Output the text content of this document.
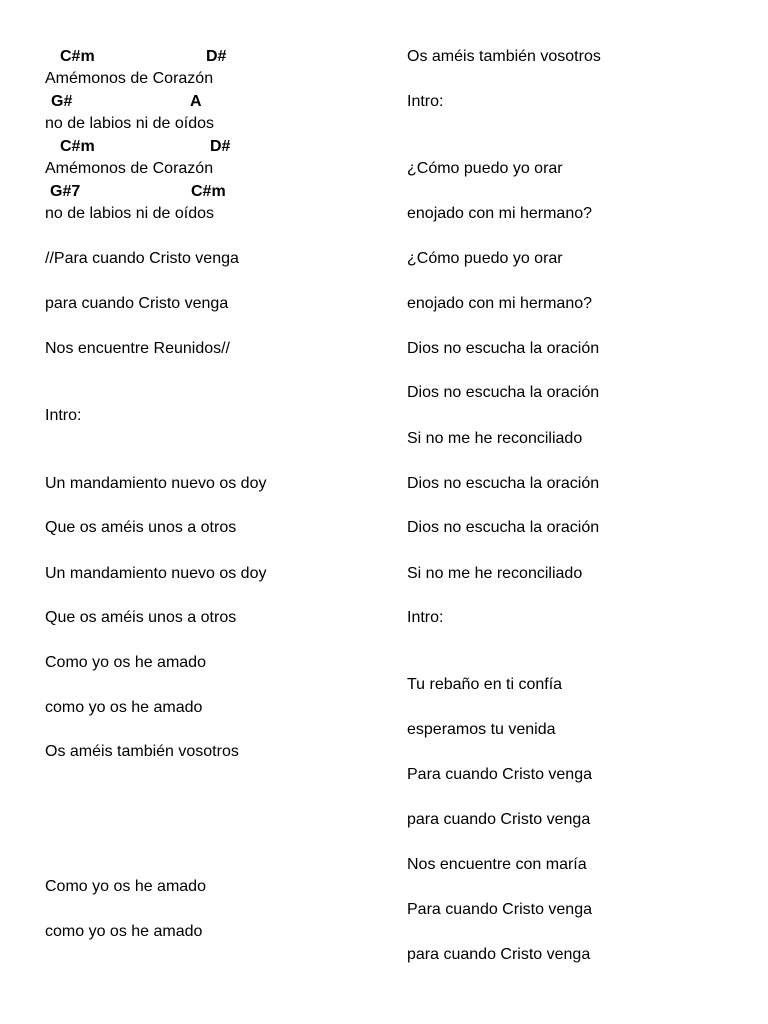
C#m	D#
Amémonos de Corazón
G#	A
no de labios ni de oídos
C#m	D#
Amémonos de Corazón
G#7	C#m
no de labios ni de oídos
//Para cuando Cristo venga
para cuando Cristo venga
Nos encuentre Reunidos//
Intro:
Un mandamiento nuevo os doy
Que os améis unos a otros
Un mandamiento nuevo os doy
Que os améis unos a otros
Como yo os he amado
como yo os he amado
Os améis también vosotros
Como yo os he amado
como yo os he amado
Os améis también vosotros
Intro:
¿Cómo puedo yo orar
enojado con mi hermano?
¿Cómo puedo yo orar
enojado con mi hermano?
Dios no escucha la oración
Dios no escucha la oración
Si no me he reconciliado
Dios no escucha la oración
Dios no escucha la oración
Si no me he reconciliado
Intro:
Tu rebaño en ti confía
esperamos tu venida
Para cuando Cristo venga
para cuando Cristo venga
Nos encuentre con maría
Para cuando Cristo venga
para cuando Cristo venga
